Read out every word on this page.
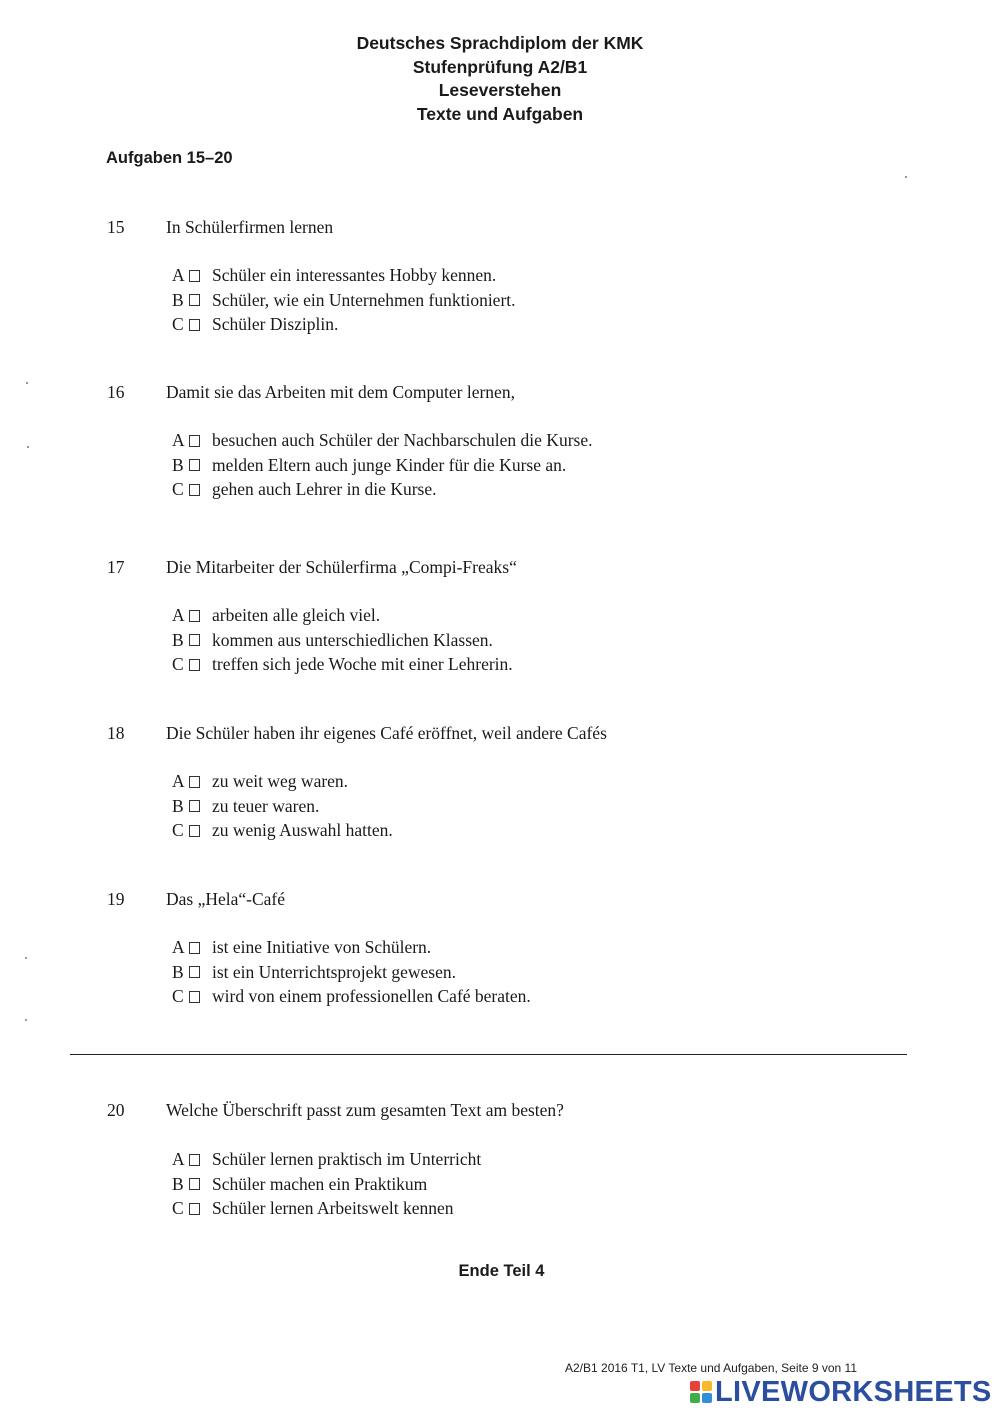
Deutsches Sprachdiplom der KMK
Stufenprüfung A2/B1
Leseverstehen
Texte und Aufgaben
Aufgaben 15–20
15 In Schülerfirmen lernen
A Schüler ein interessantes Hobby kennen.
B	Schüler, wie ein Unternehmen funktioniert.
C	Schüler Disziplin.
16 Damit sie das Arbeiten mit dem Computer lernen,
A besuchen auch Schüler der Nachbarschulen die Kurse.
B	melden Eltern auch junge Kinder für die Kurse an.
C	gehen auch Lehrer in die Kurse.
17 Die Mitarbeiter der Schülerfirma „Compi-Freaks“
A arbeiten alle gleich viel.
B	kommen aus unterschiedlichen Klassen.
C	treffen sich jede Woche mit einer Lehrerin.
18 Die Schüler haben ihr eigenes Café eröffnet, weil andere Cafés
A zu weit weg waren.
B	zu teuer waren.
C	zu wenig Auswahl hatten.
19 Das „Hela“-Café
A ist eine Initiative von Schülern.
B	ist ein Unterrichtsprojekt gewesen.
C	wird von einem professionellen Café beraten.
20 Welche Überschrift passt zum gesamten Text am besten?
A Schüler lernen praktisch im Unterricht
B	Schüler machen ein Praktikum
C	Schüler lernen Arbeitswelt kennen
Ende Teil 4
A2/B1 2016 T1, LV Texte und Aufgaben, Seite 9 von 11
LIVEWORKSHEETS
